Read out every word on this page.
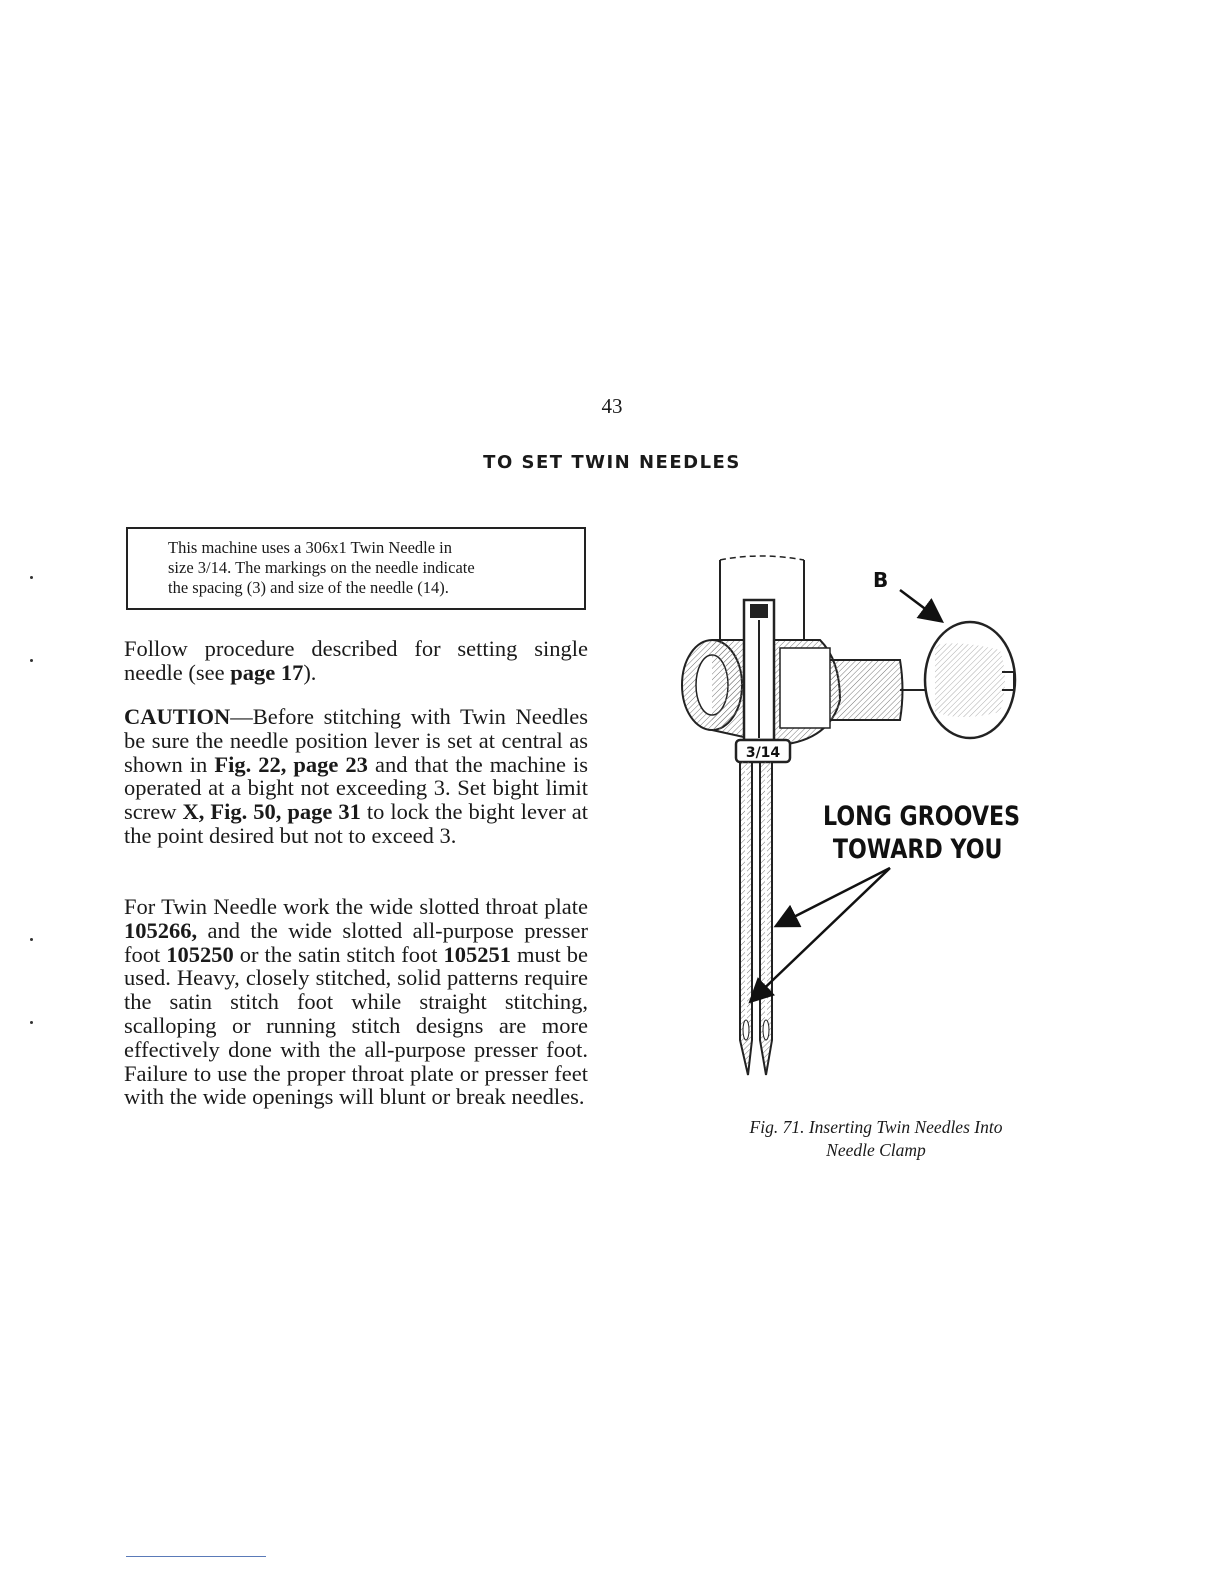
43
TO SET TWIN NEEDLES

This machine uses a 306x1 Twin Needle in

size 3/14. The markings on the needle indicate

the spacing (3) and size of the needle (14).

Follow procedure described for setting single needle (see page 17).

CAUTION—Before stitching with Twin Needles be sure the needle position lever is set at central as shown in Fig. 22, page 23 and that the machine is operated at a bight not exceeding 3. Set bight limit screw X, Fig. 50, page 31 to lock the bight lever at the point desired but not to exceed 3.

For Twin Needle work the wide slotted throat plate 105266, and the wide slotted all-purpose presser foot 105250 or the satin stitch foot 105251 must be used. Heavy, closely stitched, solid patterns require the satin stitch foot while straight stitching, scalloping or running stitch designs are more effectively done with the all-purpose presser foot. Failure to use the proper throat plate or presser feet with the wide openings will blunt or break needles.

3/14
B
LONG GROOVES
TOWARD YOU
Fig. 71. Inserting Twin Needles Into
Needle Clamp
